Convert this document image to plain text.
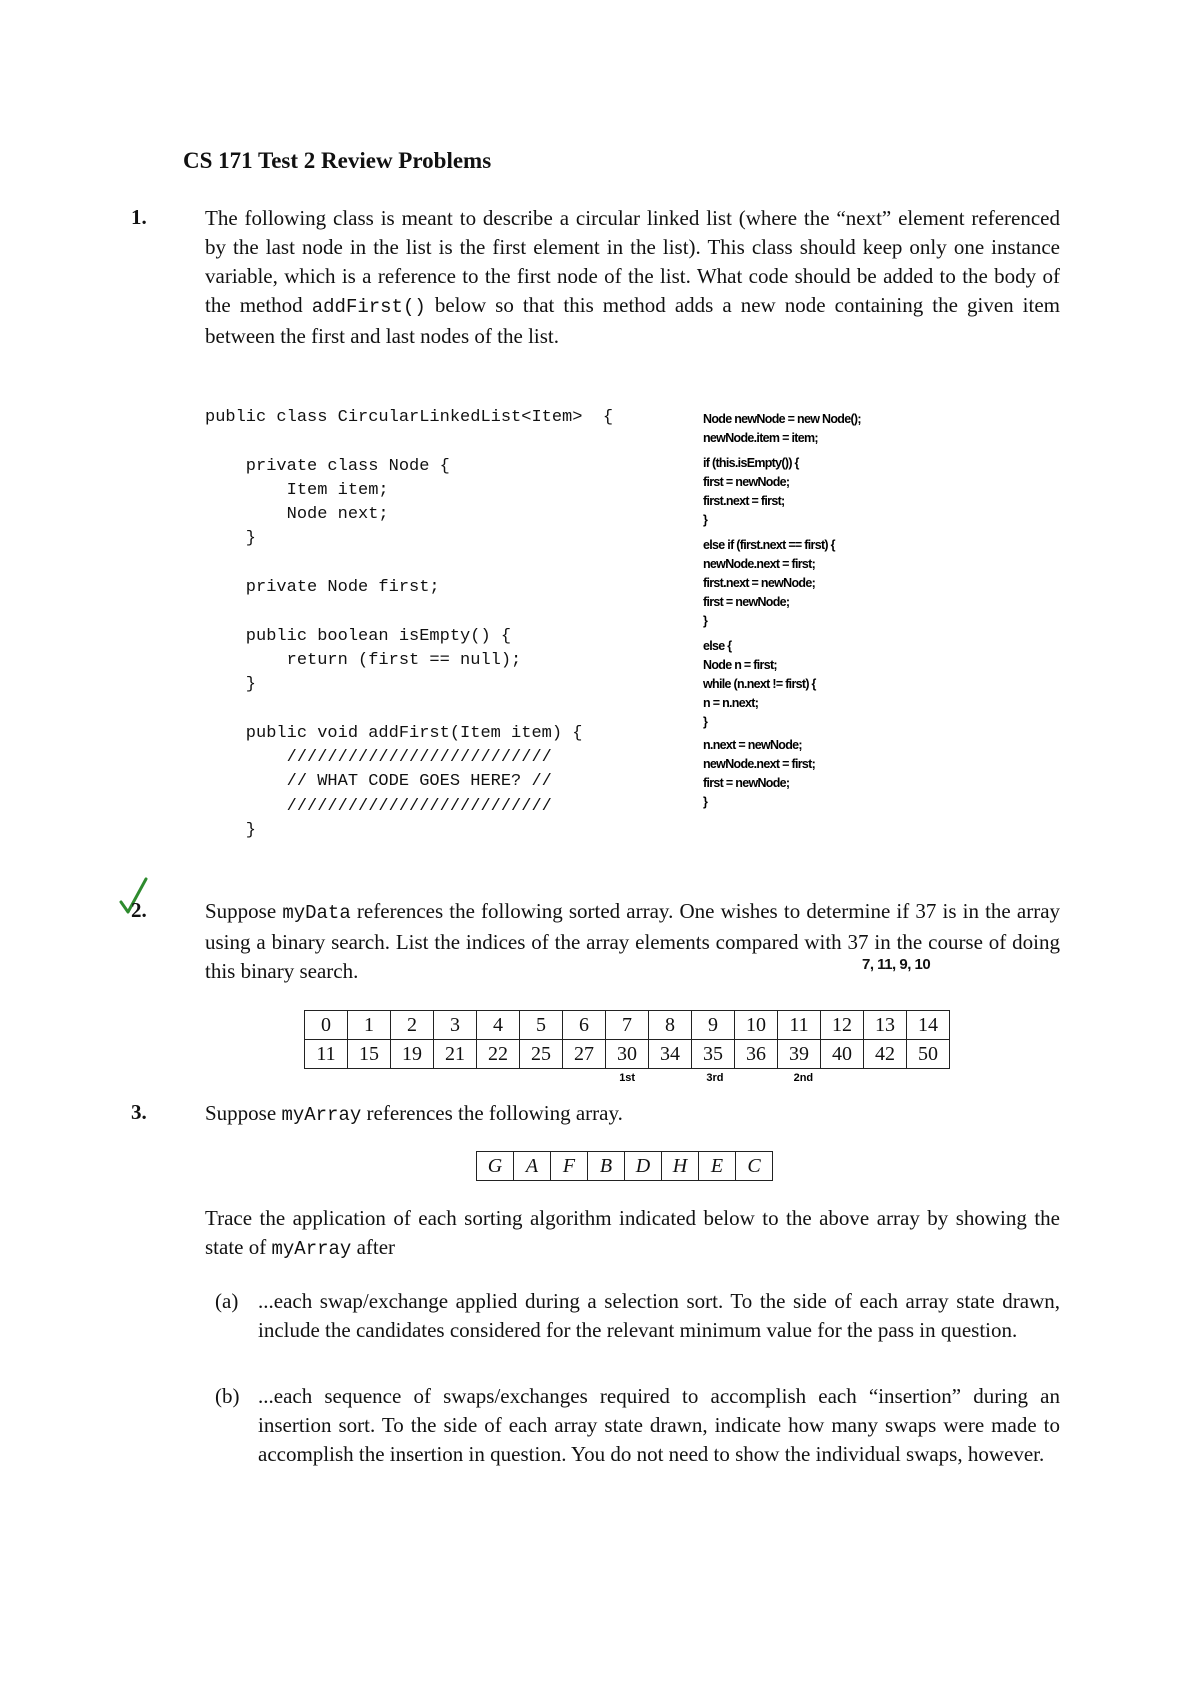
CS 171 Test 2 Review Problems
1.	The following class is meant to describe a circular linked list (where the “next” element referenced by the last node in the list is the first element in the list). This class should keep only one instance variable, which is a reference to the first node of the list. What code should be added to the body of the method addFirst() below so that this method adds a new node containing the given item between the first and last nodes of the list.

public class CircularLinkedList<Item>  {

private class Node {
Item item;
Node next;
}

private Node first;

public boolean isEmpty() {
return (first == null);
}

public void addFirst(Item item) {
//////////////////////////
// WHAT CODE GOES HERE? //
//////////////////////////
}
Node newNode = new Node();
newNode.item = item;
if (this.isEmpty()) {
first = newNode;
first.next = first;
}
else if (first.next == first) {
newNode.next = first;
first.next = newNode;
first = newNode;
}
else {
Node n = first;
while (n.next != first) {
n = n.next;
}
n.next = newNode;
newNode.next = first;
first = newNode;
}
2.	Suppose myData references the following sorted array. One wishes to determine if 37 is in the array using a binary search. List the indices of the array elements compared with 37 in the course of doing this binary search.	7, 11, 9, 10
0	1	2	3	4	5	6	7	8	9	10	11	12	13	14
11	15	19	21	22	25	27	30	34	35	36	39	40	42	50
1st	3rd	2nd
3.	Suppose myArray references the following array.

G	A	F	B	D	H	E	C

Trace the application of each sorting algorithm indicated below to the above array by showing the state of myArray after

(a) ...each swap/exchange applied during a selection sort. To the side of each array state drawn, include the candidates considered for the relevant minimum value for the pass in question.
(b) ...each sequence of swaps/exchanges required to accomplish each “insertion” during an insertion sort. To the side of each array state drawn, indicate how many swaps were made to accomplish the insertion in question. You do not need to show the individual swaps, however.
